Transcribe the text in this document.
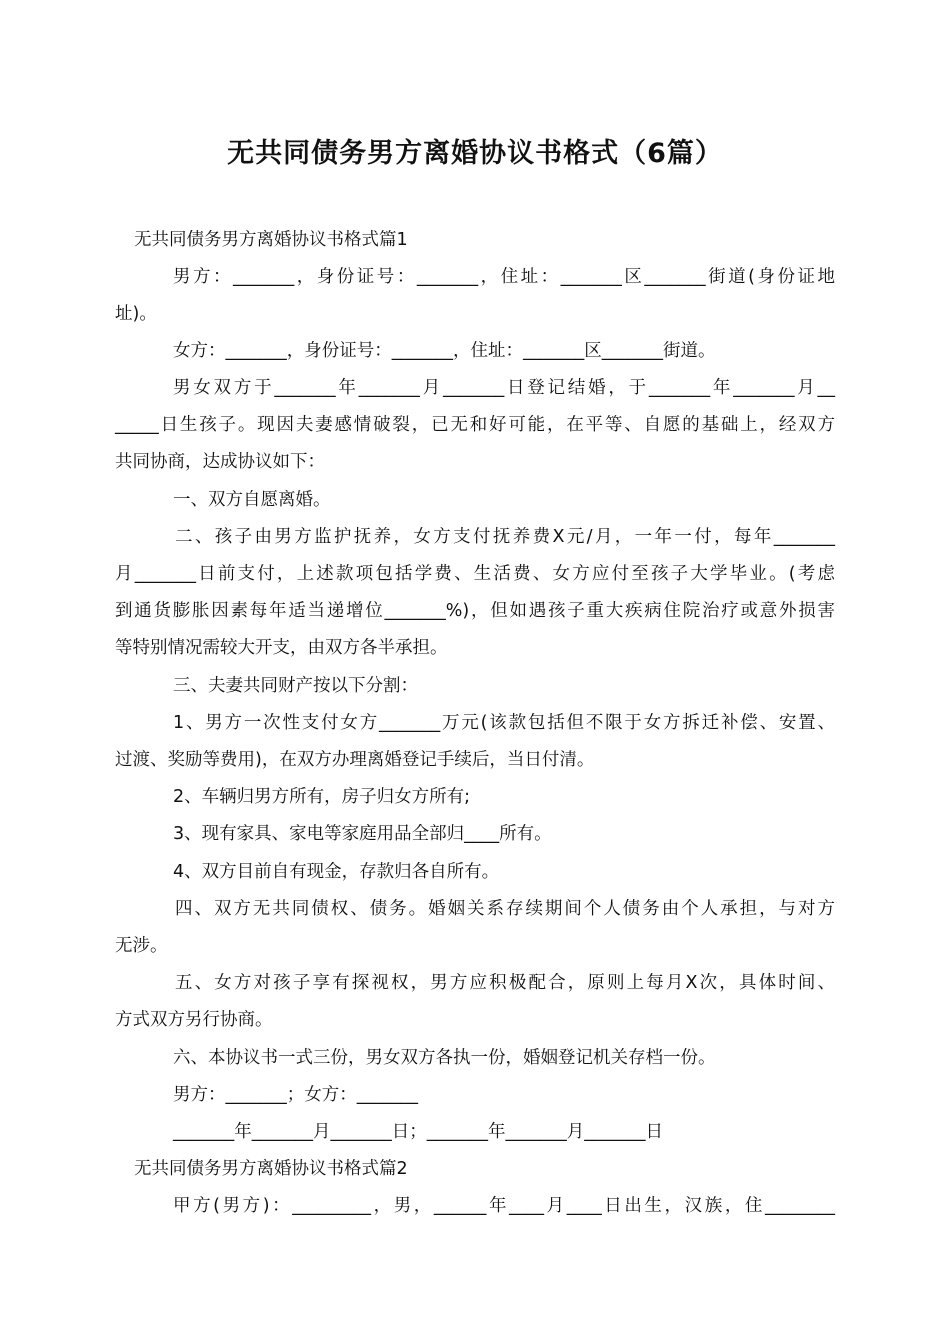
无共同债务男方离婚协议书格式（6篇）
无共同债务男方离婚协议书格式篇1
男方：_______，身份证号：_______，住址：_______区_______街道(身份证地
址)。
女方：_______，身份证号：_______，住址：_______区_______街道。
男女双方于_______年_______月_______日登记结婚，于_______年_______月__
_____日生孩子。现因夫妻感情破裂，已无和好可能，在平等、自愿的基础上，经双方
共同协商，达成协议如下：
一、双方自愿离婚。
二、孩子由男方监护抚养，女方支付抚养费X元/月，一年一付，每年_______
月_______日前支付，上述款项包括学费、生活费、女方应付至孩子大学毕业。(考虑
到通货膨胀因素每年适当递增位_______%)，但如遇孩子重大疾病住院治疗或意外损害
等特别情况需较大开支，由双方各半承担。
三、夫妻共同财产按以下分割：
1、男方一次性支付女方_______万元(该款包括但不限于女方拆迁补偿、安置、
过渡、奖励等费用)，在双方办理离婚登记手续后，当日付清。
2、车辆归男方所有，房子归女方所有;
3、现有家具、家电等家庭用品全部归____所有。
4、双方目前自有现金，存款归各自所有。
四、双方无共同债权、债务。婚姻关系存续期间个人债务由个人承担，与对方
无涉。
五、女方对孩子享有探视权，男方应积极配合，原则上每月X次，具体时间、
方式双方另行协商。
六、本协议书一式三份，男女双方各执一份，婚姻登记机关存档一份。
男方：_______；女方：_______
_______年_______月_______日；_______年_______月_______日
无共同债务男方离婚协议书格式篇2
甲方(男方)：_________，男，______年____月____日出生，汉族，住________
